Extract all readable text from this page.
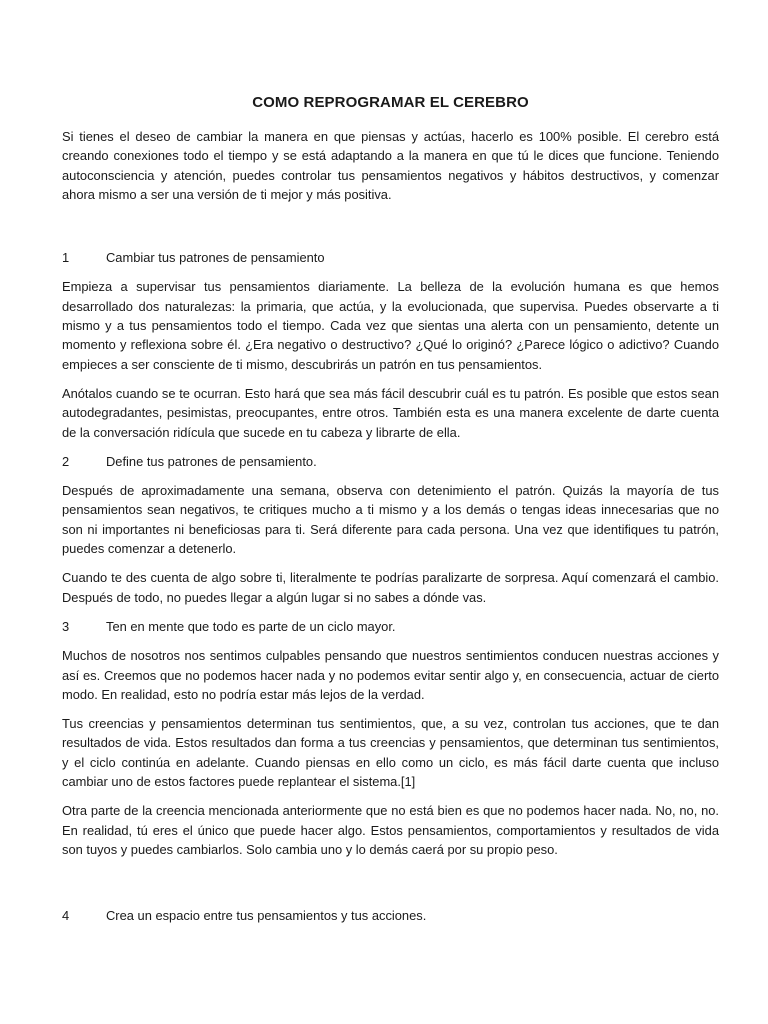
COMO REPROGRAMAR EL CEREBRO

Si tienes el deseo de cambiar la manera en que piensas y actúas, hacerlo es 100% posible. El cerebro está creando conexiones todo el tiempo y se está adaptando a la manera en que tú le dices que funcione. Teniendo autoconsciencia y atención, puedes controlar tus pensamientos negativos y hábitos destructivos, y comenzar ahora mismo a ser una versión de ti mejor y más positiva.

1	Cambiar tus patrones de pensamiento

Empieza a supervisar tus pensamientos diariamente. La belleza de la evolución humana es que hemos desarrollado dos naturalezas: la primaria, que actúa, y la evolucionada, que supervisa. Puedes observarte a ti mismo y a tus pensamientos todo el tiempo. Cada vez que sientas una alerta con un pensamiento, detente un momento y reflexiona sobre él. ¿Era negativo o destructivo? ¿Qué lo originó? ¿Parece lógico o adictivo? Cuando empieces a ser consciente de ti mismo, descubrirás un patrón en tus pensamientos.

Anótalos cuando se te ocurran. Esto hará que sea más fácil descubrir cuál es tu patrón. Es posible que estos sean autodegradantes, pesimistas, preocupantes, entre otros. También esta es una manera excelente de darte cuenta de la conversación ridícula que sucede en tu cabeza y librarte de ella.

2	Define tus patrones de pensamiento.

Después de aproximadamente una semana, observa con detenimiento el patrón. Quizás la mayoría de tus pensamientos sean negativos, te critiques mucho a ti mismo y a los demás o tengas ideas innecesarias que no son ni importantes ni beneficiosas para ti. Será diferente para cada persona. Una vez que identifiques tu patrón, puedes comenzar a detenerlo.

Cuando te des cuenta de algo sobre ti, literalmente te podrías paralizarte de sorpresa. Aquí comenzará el cambio. Después de todo, no puedes llegar a algún lugar si no sabes a dónde vas.

3	Ten en mente que todo es parte de un ciclo mayor.

Muchos de nosotros nos sentimos culpables pensando que nuestros sentimientos conducen nuestras acciones y así es. Creemos que no podemos hacer nada y no podemos evitar sentir algo y, en consecuencia, actuar de cierto modo. En realidad, esto no podría estar más lejos de la verdad.

Tus creencias y pensamientos determinan tus sentimientos, que, a su vez, controlan tus acciones, que te dan resultados de vida. Estos resultados dan forma a tus creencias y pensamientos, que determinan tus sentimientos, y el ciclo continúa en adelante. Cuando piensas en ello como un ciclo, es más fácil darte cuenta que incluso cambiar uno de estos factores puede replantear el sistema.[1]

Otra parte de la creencia mencionada anteriormente que no está bien es que no podemos hacer nada. No, no, no. En realidad, tú eres el único que puede hacer algo. Estos pensamientos, comportamientos y resultados de vida son tuyos y puedes cambiarlos. Solo cambia uno y lo demás caerá por su propio peso.

4	Crea un espacio entre tus pensamientos y tus acciones.
